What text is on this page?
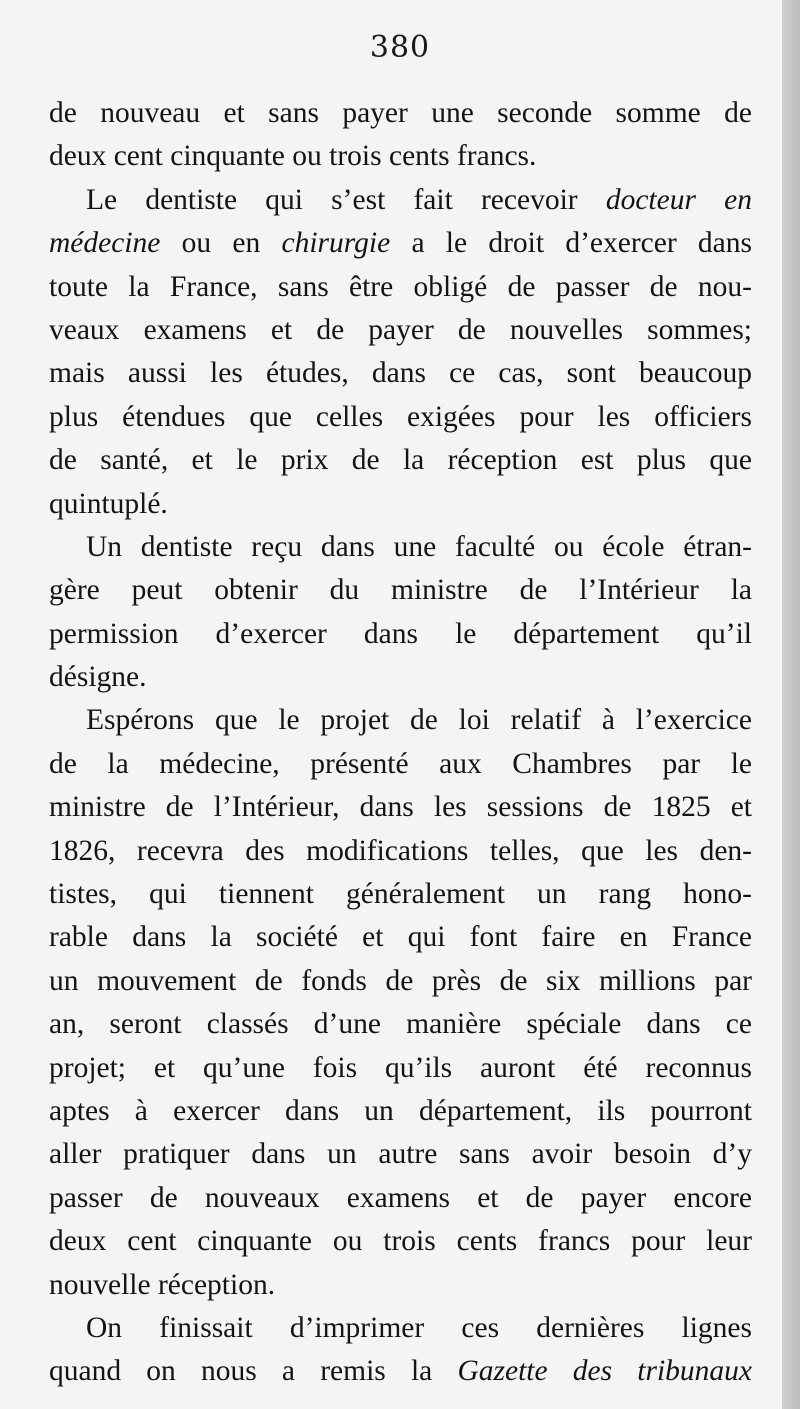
380
de nouveau et sans payer une seconde somme de
deux cent cinquante ou trois cents francs.
Le dentiste qui s’est fait recevoir docteur en
médecine ou en chirurgie a le droit d’exercer dans
toute la France, sans être obligé de passer de nou-
veaux examens et de payer de nouvelles sommes;
mais aussi les études, dans ce cas, sont beaucoup
plus étendues que celles exigées pour les officiers
de santé, et le prix de la réception est plus que
quintuplé.
Un dentiste reçu dans une faculté ou école étran-
gère peut obtenir du ministre de l’Intérieur la
permission d’exercer dans le département qu’il
désigne.
Espérons que le projet de loi relatif à l’exercice
de la médecine, présenté aux Chambres par le
ministre de l’Intérieur, dans les sessions de 1825 et
1826, recevra des modifications telles, que les den-
tistes, qui tiennent généralement un rang hono-
rable dans la société et qui font faire en France
un mouvement de fonds de près de six millions par
an, seront classés d’une manière spéciale dans ce
projet; et qu’une fois qu’ils auront été reconnus
aptes à exercer dans un département, ils pourront
aller pratiquer dans un autre sans avoir besoin d’y
passer de nouveaux examens et de payer encore
deux cent cinquante ou trois cents francs pour leur
nouvelle réception.
On finissait d’imprimer ces dernières lignes
quand on nous a remis la Gazette des tribunaux
